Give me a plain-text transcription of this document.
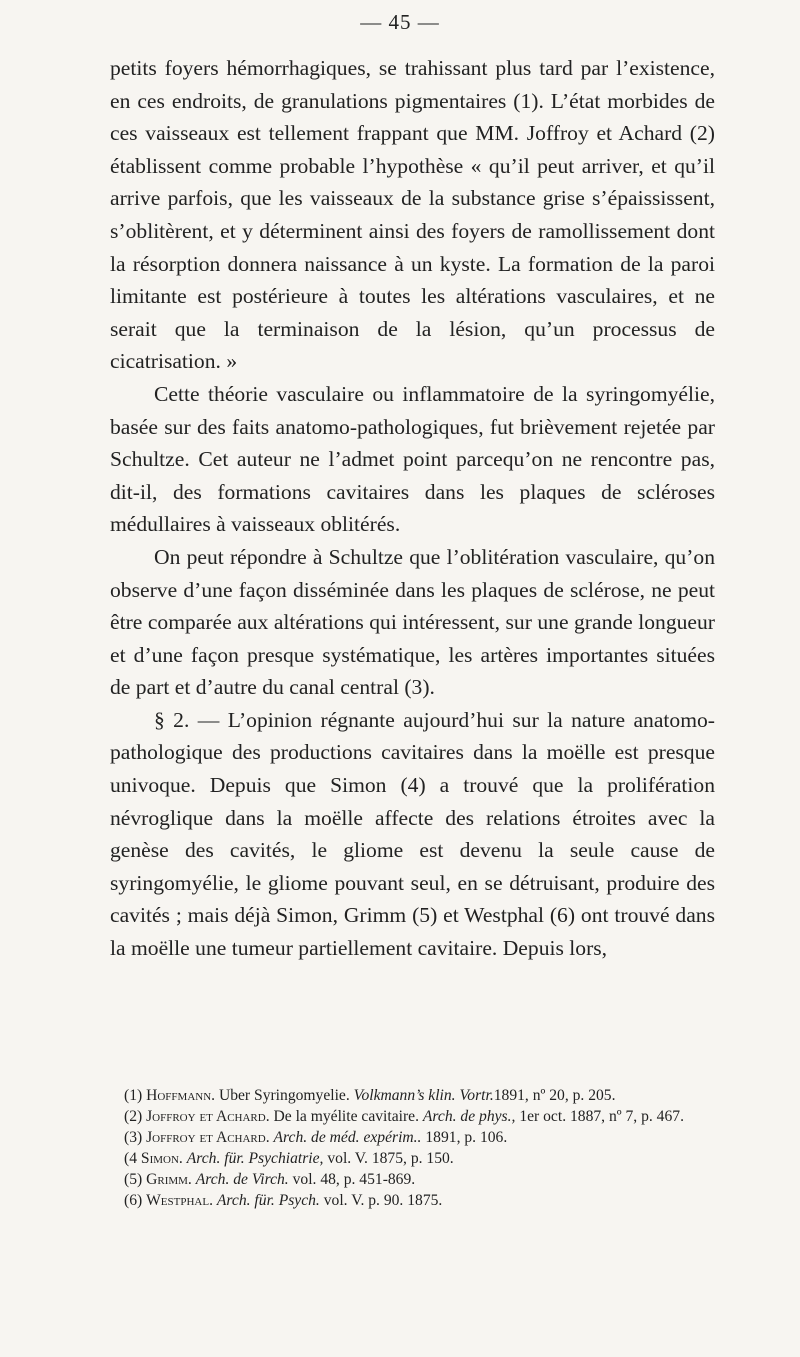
— 45 —

petits foyers hémorrhagiques, se trahissant plus tard par l’existence, en ces endroits, de granulations pigmentaires (1). L’état morbides de ces vaisseaux est tellement frappant que MM. Joffroy et Achard (2) établissent comme probable l’hypothèse « qu’il peut arriver, et qu’il arrive parfois, que les vaisseaux de la substance grise s’épaississent, s’oblitèrent, et y déterminent ainsi des foyers de ramollissement dont la résorption donnera naissance à un kyste. La formation de la paroi limitante est postérieure à toutes les altérations vasculaires, et ne serait que la terminaison de la lésion, qu’un processus de cicatrisation. »

Cette théorie vasculaire ou inflammatoire de la syringomyélie, basée sur des faits anatomo-pathologiques, fut brièvement rejetée par Schultze. Cet auteur ne l’admet point parcequ’on ne rencontre pas, dit-il, des formations cavitaires dans les plaques de scléroses médullaires à vaisseaux oblitérés.

On peut répondre à Schultze que l’oblitération vasculaire, qu’on observe d’une façon disséminée dans les plaques de sclérose, ne peut être comparée aux altérations qui intéressent, sur une grande longueur et d’une façon presque systématique, les artères importantes situées de part et d’autre du canal central (3).

§ 2. — L’opinion régnante aujourd’hui sur la nature anatomo-pathologique des productions cavitaires dans la moëlle est presque univoque. Depuis que Simon (4) a trouvé que la prolifération névroglique dans la moëlle affecte des relations étroites avec la genèse des cavités, le gliome est devenu la seule cause de syringomyélie, le gliome pouvant seul, en se détruisant, produire des cavités ; mais déjà Simon, Grimm (5) et Westphal (6) ont trouvé dans la moëlle une tumeur partiellement cavitaire. Depuis lors,

(1) Hoffmann. Uber Syringomyelie. Volkmann’s klin. Vortr.1891, nº 20, p. 205.

(2) Joffroy et Achard. De la myélite cavitaire. Arch. de phys., 1er oct. 1887, nº 7, p. 467.

(3) Joffroy et Achard. Arch. de méd. expérim.. 1891, p. 106.

(4 Simon. Arch. für. Psychiatrie, vol. V. 1875, p. 150.

(5) Grimm. Arch. de Virch. vol. 48, p. 451-869.

(6) Westphal. Arch. für. Psych. vol. V. p. 90. 1875.
